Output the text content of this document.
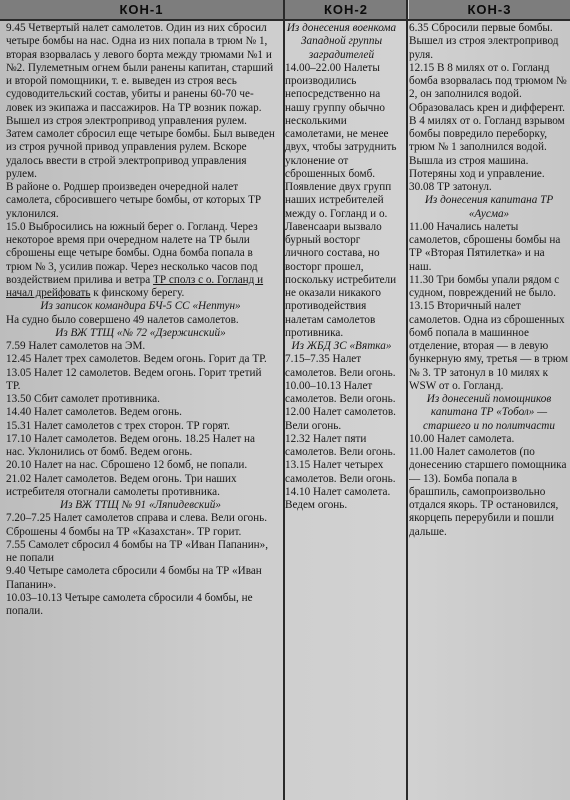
КОН-1	КОН-2	КОН-3

9.45 Четвертый налет самолетов. Один из них сбросил четыре бомбы на нас. Одна из них попала в трюм № 1, вторая взорвалась у левого борта между трюмами №1 и №2. Пулеметным огнем были ранены капитан, старший и второй помощники, т. е. выведен из строя весь судоводительский состав, убиты и ранены 60-70 человек из экипажа и пассажиров. На ТР возник пожар. Вышел из строя электропривод управления рулем. Затем самолет сбросил еще четыре бомбы. Был выведен из строя ручной привод управления рулем. Вскоре удалось ввести в строй электропривод управления рулем.

В районе о. Родшер произведен очередной налет самолета, сбросившего четыре бомбы, от которых ТР уклонился.

15.0 Выбросились на южный берег о. Гогланд. Через некоторое время при очередном налете на ТР были сброшены еще четыре бомбы. Одна бомба попала в трюм № 3, усилив пожар. Через несколько часов под воздействием прилива и ветра ТР сполз с о. Гогланд и начал дрейфовать к финскому берегу.

Из записок командира БЧ-5 СС «Нептун»

На судно было совершено 49 налетов самолетов.

Из ВЖ ТТЩ «№ 72 «Дзержинский»

7.59 Налет самолетов на ЭМ.

12.45 Налет трех самолетов. Ведем огонь. Горит да ТР.

13.05 Налет 12 самолетов. Ведем огонь. Горит третий ТР.

13.50 Сбит самолет противника.

14.40 Налет самолетов. Ведем огонь.

15.31 Налет самолетов с трех сторон. ТР горят.

17.10 Налет самолетов. Ведем огонь. 18.25 Налет на нас. Уклонились от бомб. Ведем огонь.

20.10 Налет на нас. Сброшено 12 бомб, не попали.

21.02 Налет самолетов. Ведем огонь. Три наших истребителя отогнали самолеты противника.

Из ВЖ ТТЩ № 91 «Ляпидевский»

7.20–7.25 Налет самолетов справа и слева. Вели огонь. Сброшены 4 бомбы на ТР «Казахстан». ТР горит.

7.55 Самолет сбросил 4 бомбы на ТР «Иван Папанин», не попали

9.40 Четыре самолета сбросили 4 бомбы на ТР «Иван Папанин».

10.03–10.13 Четыре самолета сбросили 4 бомбы, не попали.

Из донесения военкома Западной группы заградителей

14.00–22.00 Налеты производились непосредственно на нашу группу обычно несколькими самолетами, не менее двух, чтобы затруднить уклонение от сброшенных бомб. Появление двух групп наших истребителей между о. Гогланд и о. Лавенсаари вызвало бурный восторг личного состава, но восторг прошел, поскольку истребители не оказали никакого противодействия налетам самолетов противника.

Из ЖБД ЗС «Вятка»

7.15–7.35 Налет самолетов. Вели огонь.

10.00–10.13 Налет самолетов. Вели огонь.

12.00 Налет самолетов. Вели огонь.

12.32 Налет пяти самолетов. Вели огонь.

13.15 Налет четырех самолетов. Вели огонь.

14.10 Налет самолета. Ведем огонь.

6.35 Сбросили первые бомбы. Вышел из строя электропривод руля.

12.15 В 8 милях от о. Гогланд бомба взорвалась под трюмом № 2, он заполнился водой. Образовалась крен и дифферент.

В 4 милях от о. Гогланд взрывом бомбы повредило переборку, трюм № 1 заполнился водой. Вышла из строя машина. Потеряны ход и управление.

30.08 ТР затонул.

Из донесения капитана ТР «Аусма»

11.00 Начались налеты самолетов, сброшены бомбы на ТР «Вторая Пятилетка» и на наш.

11.30 Три бомбы упали рядом с судном, повреждений не было.

13.15 Вторичный налет самолетов. Одна из сброшенных бомб попала в машинное отделение, вторая — в левую бункерную яму, третья — в трюм № 3. ТР затонул в 10 милях к WSW от о. Гогланд.

Из донесений помощников капитана ТР «Тобол» — старшего и по политчасти

10.00 Налет самолета.

11.00 Налет самолетов (по донесению старшего помощника — 13). Бомба попала в брашпиль, самопроизвольно отдался якорь. ТР остановился, якорцепь перерубили и пошли дальше.
